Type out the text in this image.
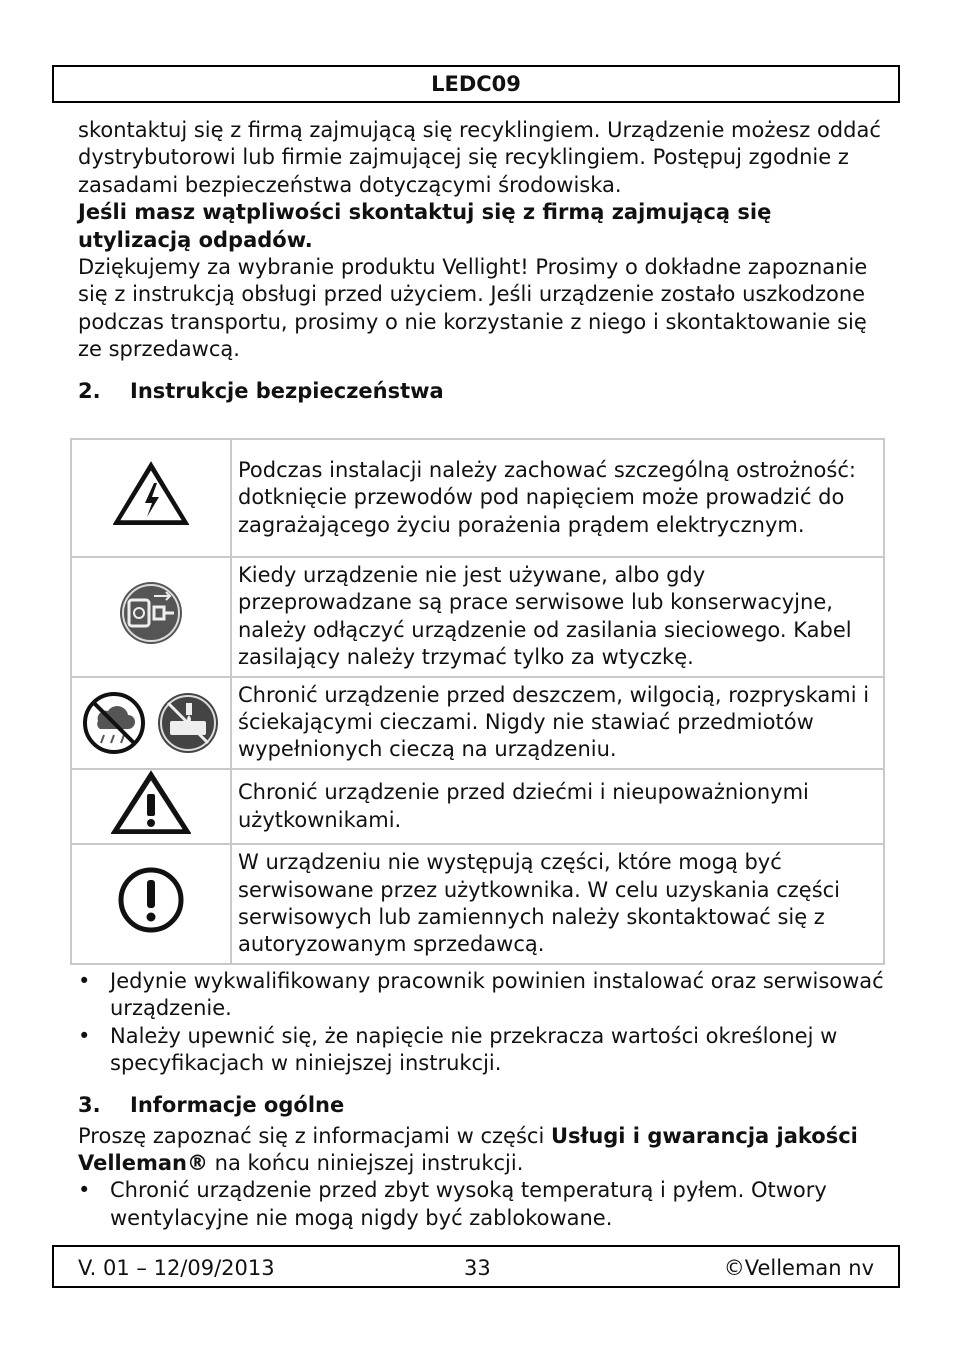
LEDC09

skontaktuj się z firmą zajmującą się recyklingiem. Urządzenie możesz oddać dystrybutorowi lub firmie zajmującej się recyklingiem. Postępuj zgodnie z zasadami bezpieczeństwa dotyczącymi środowiska.

Jeśli masz wątpliwości skontaktuj się z firmą zajmującą się utylizacją odpadów.

Dziękujemy za wybranie produktu Vellight! Prosimy o dokładne zapoznanie się z instrukcją obsługi przed użyciem. Jeśli urządzenie zostało uszkodzone podczas transportu, prosimy o nie korzystanie z niego i skontaktowanie się ze sprzedawcą.

2.	Instrukcje bezpieczeństwa
	Podczas instalacji należy zachować szczególną ostrożność: dotknięcie przewodów pod napięciem może prowadzić do zagrażającego życiu porażenia prądem elektrycznym.
	Kiedy urządzenie nie jest używane, albo gdy przeprowadzane są prace serwisowe lub konserwacyjne, należy odłączyć urządzenie od zasilania sieciowego. Kabel zasilający należy trzymać tylko za wtyczkę.

	Chronić urządzenie przed deszczem, wilgocią, rozpryskami i ściekającymi cieczami. Nigdy nie stawiać przedmiotów wypełnionych cieczą na urządzeniu.
	Chronić urządzenie przed dziećmi i nieupoważnionymi użytkownikami.
	W urządzeniu nie występują części, które mogą być serwisowane przez użytkownika. W celu uzyskania części serwisowych lub zamiennych należy skontaktować się z autoryzowanym sprzedawcą.
• Jedynie wykwalifikowany pracownik powinien instalować oraz serwisować urządzenie.
• Należy upewnić się, że napięcie nie przekracza wartości określonej w specyfikacjach w niniejszej instrukcji.
3.	Informacje ogólne

Proszę zapoznać się z informacjami w części Usługi i gwarancja jakości Velleman® na końcu niniejszej instrukcji.

• Chronić urządzenie przed zbyt wysoką temperaturą i pyłem. Otwory wentylacyjne nie mogą nigdy być zablokowane.
V. 01 – 12/09/2013	33	©Velleman nv
